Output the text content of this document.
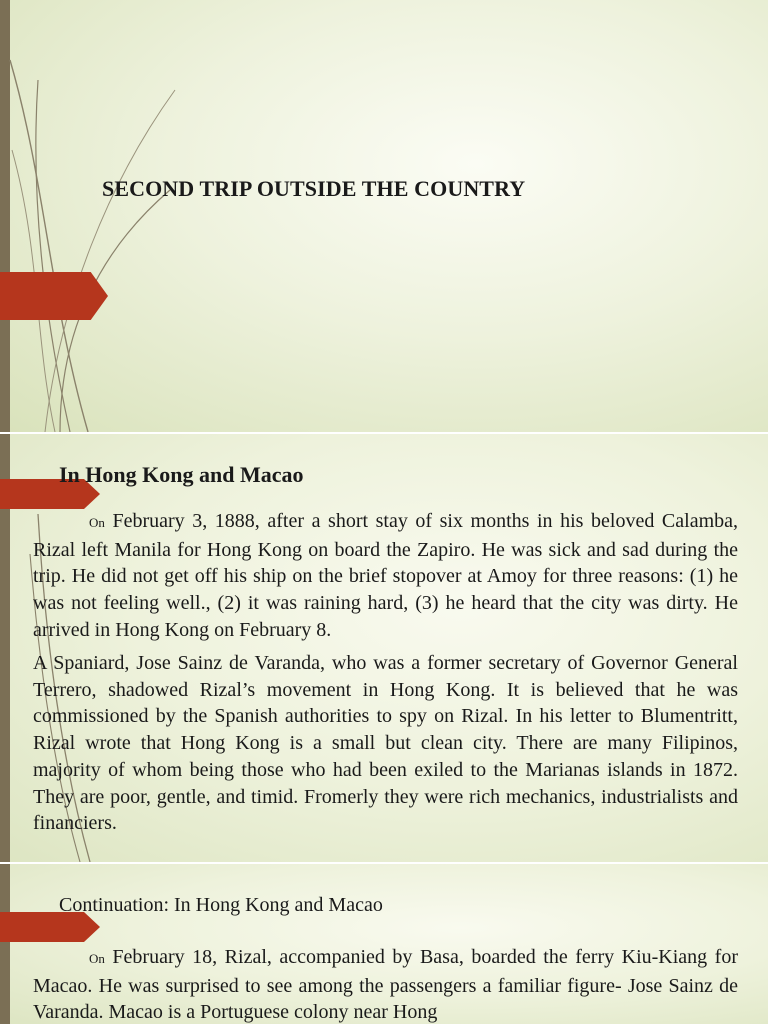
SECOND TRIP OUTSIDE THE COUNTRY
In Hong Kong and Macao

On February 3, 1888, after a short stay of six months in his beloved Calamba, Rizal left Manila for Hong Kong on board the Zapiro. He was sick and sad during the trip. He did not get off his ship on the brief stopover at Amoy for three reasons: (1) he was not feeling well., (2) it was raining hard, (3) he heard that the city was dirty. He arrived in Hong Kong on February 8.

A Spaniard, Jose Sainz de Varanda, who was a former secretary of Governor General Terrero, shadowed Rizal’s movement in Hong Kong. It is believed that he was commissioned by the Spanish authorities to spy on Rizal. In his letter to Blumentritt, Rizal wrote that Hong Kong is a small but clean city. There are many Filipinos, majority of whom being those who had been exiled to the Marianas islands in 1872. They are poor, gentle, and timid. Fromerly they were rich mechanics, industrialists and financiers.

Continuation: In Hong Kong and Macao

On February 18, Rizal, accompanied by Basa, boarded the ferry Kiu-Kiang for Macao. He was surprised to see among the passengers a familiar figure- Jose Sainz de Varanda. Macao is a Portuguese colony near Hong
